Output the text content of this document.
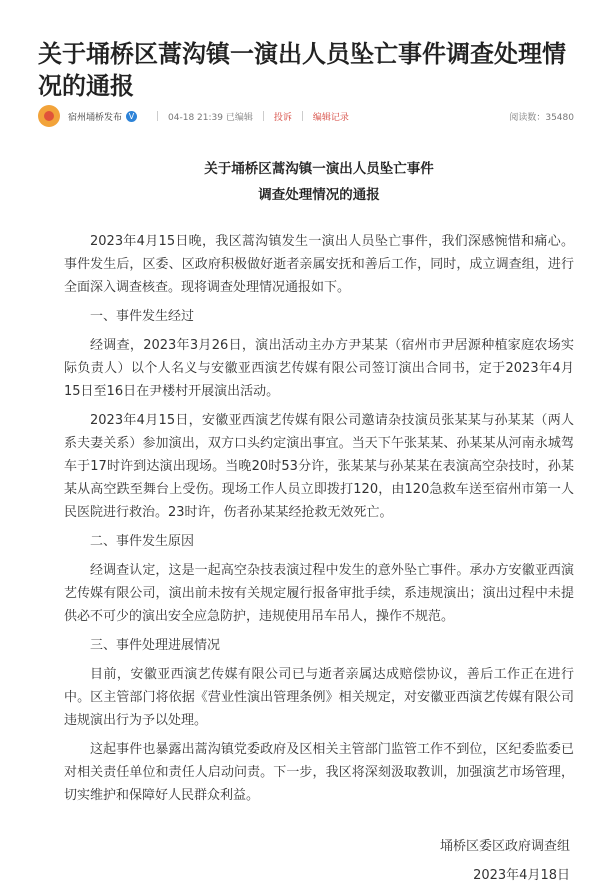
关于埇桥区蒿沟镇一演出人员坠亡事件调查处理情况的通报
宿州埇桥发布 V	04-18 21:39 已编辑 投诉 编辑记录	阅读数：35480
关于埇桥区蒿沟镇一演出人员坠亡事件
调查处理情况的通报

2023年4月15日晚，我区蒿沟镇发生一演出人员坠亡事件，我们深感惋惜和痛心。事件发生后，区委、区政府积极做好逝者亲属安抚和善后工作，同时，成立调查组，进行全面深入调查核查。现将调查处理情况通报如下。

一、事件发生经过

经调查，2023年3月26日，演出活动主办方尹某某（宿州市尹居源种植家庭农场实际负责人）以个人名义与安徽亚西演艺传媒有限公司签订演出合同书，定于2023年4月15日至16日在尹楼村开展演出活动。

2023年4月15日，安徽亚西演艺传媒有限公司邀请杂技演员张某某与孙某某（两人系夫妻关系）参加演出，双方口头约定演出事宜。当天下午张某某、孙某某从河南永城驾车于17时许到达演出现场。当晚20时53分许，张某某与孙某某在表演高空杂技时，孙某某从高空跌至舞台上受伤。现场工作人员立即拨打120，由120急救车送至宿州市第一人民医院进行救治。23时许，伤者孙某某经抢救无效死亡。

二、事件发生原因

经调查认定，这是一起高空杂技表演过程中发生的意外坠亡事件。承办方安徽亚西演艺传媒有限公司，演出前未按有关规定履行报备审批手续，系违规演出；演出过程中未提供必不可少的演出安全应急防护，违规使用吊车吊人，操作不规范。

三、事件处理进展情况

目前，安徽亚西演艺传媒有限公司已与逝者亲属达成赔偿协议，善后工作正在进行中。区主管部门将依据《营业性演出管理条例》相关规定，对安徽亚西演艺传媒有限公司违规演出行为予以处理。

这起事件也暴露出蒿沟镇党委政府及区相关主管部门监管工作不到位，区纪委监委已对相关责任单位和责任人启动问责。下一步，我区将深刻汲取教训，加强演艺市场管理，切实维护和保障好人民群众利益。

埇桥区委区政府调查组

2023年4月18日
